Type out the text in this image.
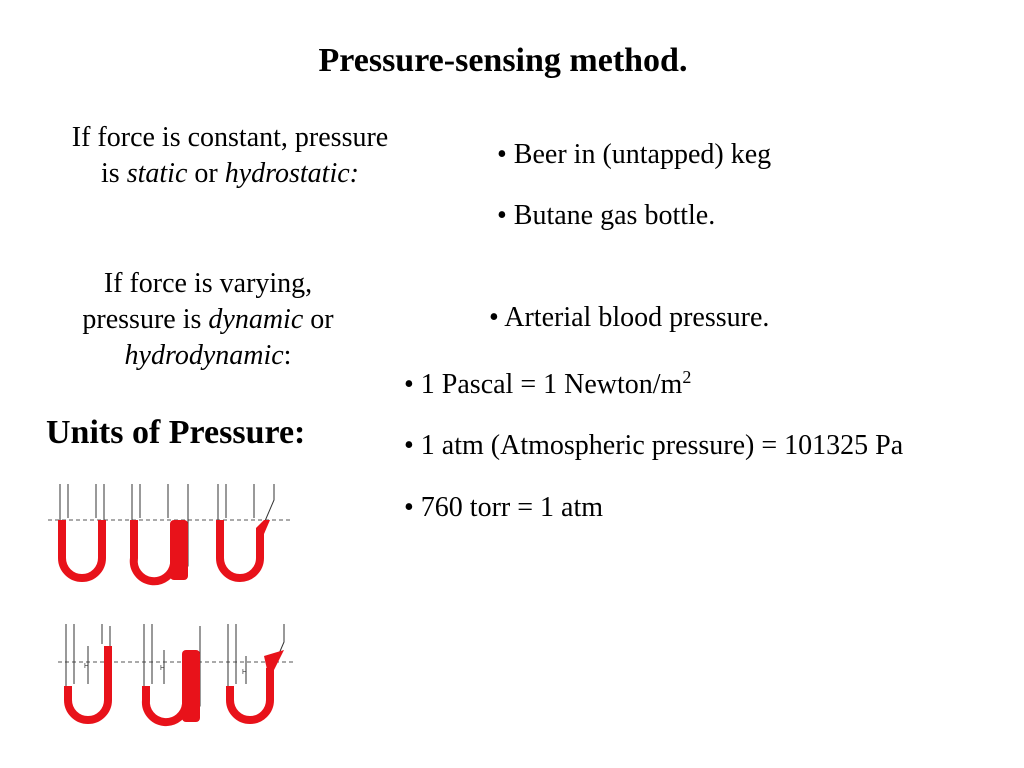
Pressure-sensing method.
If force is constant, pressure
is static or hydrostatic:
• Beer in (untapped) keg
• Butane gas bottle.
If force is varying,
pressure is dynamic or
hydrodynamic:
• Arterial blood pressure.
Units of Pressure:
• 1 Pascal = 1 Newton/$m^2$
• 1 atm (Atmospheric pressure) = 101325 Pa
• 760 torr = 1 atm
H	H
H
